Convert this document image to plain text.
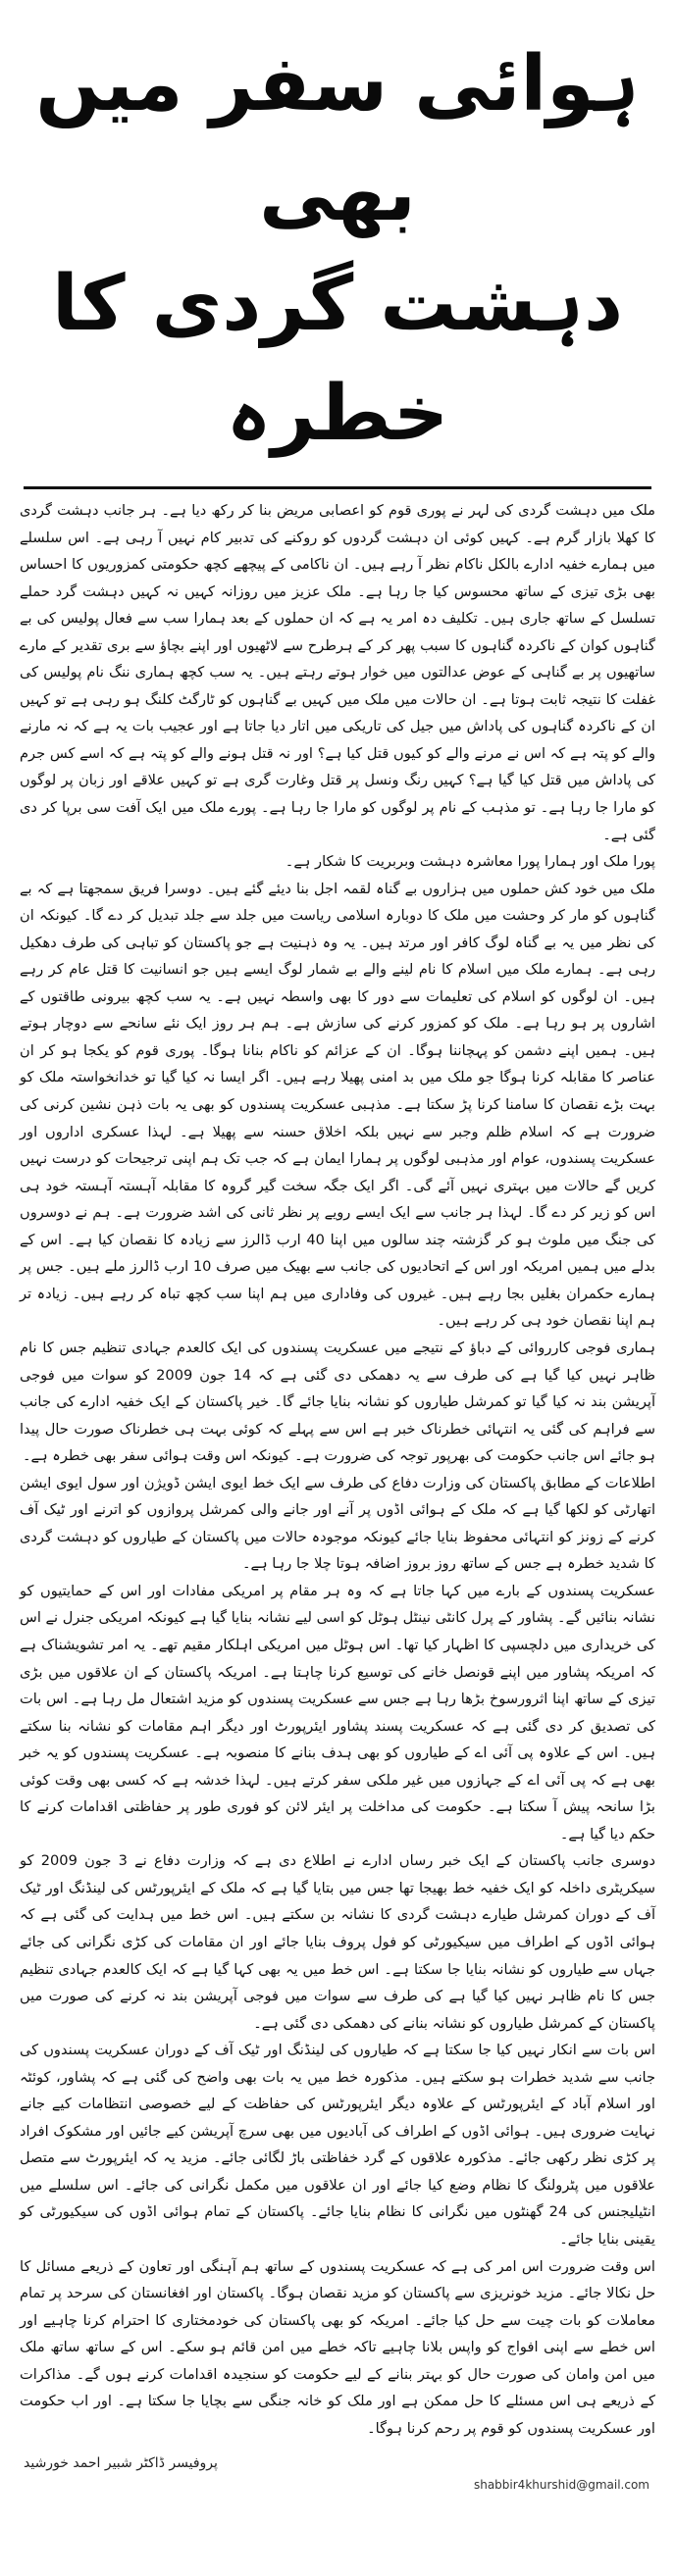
ہوائی سفر میں بھی
دہشت گردی کا خطرہ

ملک میں دہشت گردی کی لہر نے پوری قوم کو اعصابی مریض بنا کر رکھ دیا ہے۔ ہر جانب دہشت گردی کا کھلا بازار گرم ہے۔ کہیں کوئی ان دہشت گردوں کو روکنے کی تدبیر کام نہیں آ رہی ہے۔ اس سلسلے میں ہمارے خفیہ ادارے بالکل ناکام نظر آ رہے ہیں۔ ان ناکامی کے پیچھے کچھ حکومتی کمزوریوں کا احساس بھی بڑی تیزی کے ساتھ محسوس کیا جا رہا ہے۔ ملک عزیز میں روزانہ کہیں نہ کہیں دہشت گرد حملے تسلسل کے ساتھ جاری ہیں۔ تکلیف دہ امر یہ ہے کہ ان حملوں کے بعد ہمارا سب سے فعال پولیس کی بے گناہوں کوان کے ناکردہ گناہوں کا سبب پھر کر کے ہرطرح سے لاٹھیوں اور اپنے بچاؤ سے بری تقدیر کے مارے ساتھیوں پر بے گناہی کے عوض عدالتوں میں خوار ہوتے رہتے ہیں۔ یہ سب کچھ ہماری ننگ نام پولیس کی غفلت کا نتیجہ ثابت ہوتا ہے۔ ان حالات میں ملک میں کہیں بے گناہوں کو ٹارگٹ کلنگ ہو رہی ہے تو کہیں ان کے ناکردہ گناہوں کی پاداش میں جیل کی تاریکی میں اتار دیا جاتا ہے اور عجیب بات یہ ہے کہ نہ مارنے والے کو پتہ ہے کہ اس نے مرنے والے کو کیوں قتل کیا ہے؟ اور نہ قتل ہونے والے کو پتہ ہے کہ اسے کس جرم کی پاداش میں قتل کیا گیا ہے؟ کہیں رنگ ونسل پر قتل وغارت گری ہے تو کہیں علاقے اور زبان پر لوگوں کو مارا جا رہا ہے۔ تو مذہب کے نام پر لوگوں کو مارا جا رہا ہے۔ پورے ملک میں ایک آفت سی برپا کر دی گئی ہے۔

پورا ملک اور ہمارا پورا معاشرہ دہشت وبربریت کا شکار ہے۔

ملک میں خود کش حملوں میں ہزاروں بے گناہ لقمہ اجل بنا دیئے گئے ہیں۔ دوسرا فریق سمجھتا ہے کہ بے گناہوں کو مار کر وحشت میں ملک کا دوبارہ اسلامی ریاست میں جلد سے جلد تبدیل کر دے گا۔ کیونکہ ان کی نظر میں یہ بے گناہ لوگ کافر اور مرتد ہیں۔ یہ وہ ذہنیت ہے جو پاکستان کو تباہی کی طرف دھکیل رہی ہے۔ ہمارے ملک میں اسلام کا نام لینے والے بے شمار لوگ ایسے ہیں جو انسانیت کا قتل عام کر رہے ہیں۔ ان لوگوں کو اسلام کی تعلیمات سے دور کا بھی واسطہ نہیں ہے۔ یہ سب کچھ بیرونی طاقتوں کے اشاروں پر ہو رہا ہے۔ ملک کو کمزور کرنے کی سازش ہے۔ ہم ہر روز ایک نئے سانحے سے دوچار ہوتے ہیں۔ ہمیں اپنے دشمن کو پہچاننا ہوگا۔ ان کے عزائم کو ناکام بنانا ہوگا۔ پوری قوم کو یکجا ہو کر ان عناصر کا مقابلہ کرنا ہوگا جو ملک میں بد امنی پھیلا رہے ہیں۔ اگر ایسا نہ کیا گیا تو خدانخواستہ ملک کو بہت بڑے نقصان کا سامنا کرنا پڑ سکتا ہے۔ مذہبی عسکریت پسندوں کو بھی یہ بات ذہن نشین کرنی کی ضرورت ہے کہ اسلام ظلم وجبر سے نہیں بلکہ اخلاق حسنہ سے پھیلا ہے۔ لہذا عسکری اداروں اور عسکریت پسندوں، عوام اور مذہبی لوگوں پر ہمارا ایمان ہے کہ جب تک ہم اپنی ترجیحات کو درست نہیں کریں گے حالات میں بہتری نہیں آئے گی۔ اگر ایک جگہ سخت گیر گروہ کا مقابلہ آہستہ آہستہ خود ہی اس کو زیر کر دے گا۔ لہذا ہر جانب سے ایک ایسے رویے پر نظر ثانی کی اشد ضرورت ہے۔ ہم نے دوسروں کی جنگ میں ملوث ہو کر گزشتہ چند سالوں میں اپنا 40 ارب ڈالرز سے زیادہ کا نقصان کیا ہے۔ اس کے بدلے میں ہمیں امریکہ اور اس کے اتحادیوں کی جانب سے بھیک میں صرف 10 ارب ڈالرز ملے ہیں۔ جس پر ہمارے حکمران بغلیں بجا رہے ہیں۔ غیروں کی وفاداری میں ہم اپنا سب کچھ تباہ کر رہے ہیں۔ زیادہ تر ہم اپنا نقصان خود ہی کر رہے ہیں۔

ہماری فوجی کارروائی کے دباؤ کے نتیجے میں عسکریت پسندوں کی ایک کالعدم جہادی تنظیم جس کا نام ظاہر نہیں کیا گیا ہے کی طرف سے یہ دھمکی دی گئی ہے کہ 14 جون 2009 کو سوات میں فوجی آپریشن بند نہ کیا گیا تو کمرشل طیاروں کو نشانہ بنایا جائے گا۔ خیر پاکستان کے ایک خفیہ ادارے کی جانب سے فراہم کی گئی یہ انتہائی خطرناک خبر ہے اس سے پہلے کہ کوئی بہت ہی خطرناک صورت حال پیدا ہو جائے اس جانب حکومت کی بھرپور توجہ کی ضرورت ہے۔ کیونکہ اس وقت ہوائی سفر بھی خطرہ ہے۔

اطلاعات کے مطابق پاکستان کی وزارت دفاع کی طرف سے ایک خط ایوی ایشن ڈویژن اور سول ایوی ایشن اتھارٹی کو لکھا گیا ہے کہ ملک کے ہوائی اڈوں پر آنے اور جانے والی کمرشل پروازوں کو اترنے اور ٹیک آف کرنے کے زونز کو انتہائی محفوظ بنایا جائے کیونکہ موجودہ حالات میں پاکستان کے طیاروں کو دہشت گردی کا شدید خطرہ ہے جس کے ساتھ روز بروز اضافہ ہوتا چلا جا رہا ہے۔

عسکریت پسندوں کے بارے میں کہا جاتا ہے کہ وہ ہر مقام پر امریکی مفادات اور اس کے حمایتیوں کو نشانہ بنائیں گے۔ پشاور کے پرل کانٹی نینٹل ہوٹل کو اسی لیے نشانہ بنایا گیا ہے کیونکہ امریکی جنرل نے اس کی خریداری میں دلچسپی کا اظہار کیا تھا۔ اس ہوٹل میں امریکی اہلکار مقیم تھے۔ یہ امر تشویشناک ہے کہ امریکہ پشاور میں اپنے قونصل خانے کی توسیع کرنا چاہتا ہے۔ امریکہ پاکستان کے ان علاقوں میں بڑی تیزی کے ساتھ اپنا اثرورسوخ بڑھا رہا ہے جس سے عسکریت پسندوں کو مزید اشتعال مل رہا ہے۔ اس بات کی تصدیق کر دی گئی ہے کہ عسکریت پسند پشاور ایئرپورٹ اور دیگر اہم مقامات کو نشانہ بنا سکتے ہیں۔ اس کے علاوہ پی آئی اے کے طیاروں کو بھی ہدف بنانے کا منصوبہ ہے۔ عسکریت پسندوں کو یہ خبر بھی ہے کہ پی آئی اے کے جہازوں میں غیر ملکی سفر کرتے ہیں۔ لہذا خدشہ ہے کہ کسی بھی وقت کوئی بڑا سانحہ پیش آ سکتا ہے۔ حکومت کی مداخلت پر ایئر لائن کو فوری طور پر حفاظتی اقدامات کرنے کا حکم دیا گیا ہے۔

دوسری جانب پاکستان کے ایک خبر رساں ادارے نے اطلاع دی ہے کہ وزارت دفاع نے 3 جون 2009 کو سیکریٹری داخلہ کو ایک خفیہ خط بھیجا تھا جس میں بتایا گیا ہے کہ ملک کے ایئرپورٹس کی لینڈنگ اور ٹیک آف کے دوران کمرشل طیارے دہشت گردی کا نشانہ بن سکتے ہیں۔ اس خط میں ہدایت کی گئی ہے کہ ہوائی اڈوں کے اطراف میں سیکیورٹی کو فول پروف بنایا جائے اور ان مقامات کی کڑی نگرانی کی جائے جہاں سے طیاروں کو نشانہ بنایا جا سکتا ہے۔ اس خط میں یہ بھی کہا گیا ہے کہ ایک کالعدم جہادی تنظیم جس کا نام ظاہر نہیں کیا گیا ہے کی طرف سے سوات میں فوجی آپریشن بند نہ کرنے کی صورت میں پاکستان کے کمرشل طیاروں کو نشانہ بنانے کی دھمکی دی گئی ہے۔

اس بات سے انکار نہیں کیا جا سکتا ہے کہ طیاروں کی لینڈنگ اور ٹیک آف کے دوران عسکریت پسندوں کی جانب سے شدید خطرات ہو سکتے ہیں۔ مذکورہ خط میں یہ بات بھی واضح کی گئی ہے کہ پشاور، کوئٹہ اور اسلام آباد کے ایئرپورٹس کے علاوہ دیگر ایئرپورٹس کی حفاظت کے لیے خصوصی انتظامات کیے جانے نہایت ضروری ہیں۔ ہوائی اڈوں کے اطراف کی آبادیوں میں بھی سرچ آپریشن کیے جائیں اور مشکوک افراد پر کڑی نظر رکھی جائے۔ مذکورہ علاقوں کے گرد خفاظتی باڑ لگائی جائے۔ مزید یہ کہ ایئرپورٹ سے متصل علاقوں میں پٹرولنگ کا نظام وضع کیا جائے اور ان علاقوں میں مکمل نگرانی کی جائے۔ اس سلسلے میں انٹیلیجنس کی 24 گھنٹوں میں نگرانی کا نظام بنایا جائے۔ پاکستان کے تمام ہوائی اڈوں کی سیکیورٹی کو یقینی بنایا جائے۔

اس وقت ضرورت اس امر کی ہے کہ عسکریت پسندوں کے ساتھ ہم آہنگی اور تعاون کے ذریعے مسائل کا حل نکالا جائے۔ مزید خونریزی سے پاکستان کو مزید نقصان ہوگا۔ پاکستان اور افغانستان کی سرحد پر تمام معاملات کو بات چیت سے حل کیا جائے۔ امریکہ کو بھی پاکستان کی خودمختاری کا احترام کرنا چاہیے اور اس خطے سے اپنی افواج کو واپس بلانا چاہیے تاکہ خطے میں امن قائم ہو سکے۔ اس کے ساتھ ساتھ ملک میں امن وامان کی صورت حال کو بہتر بنانے کے لیے حکومت کو سنجیدہ اقدامات کرنے ہوں گے۔ مذاکرات کے ذریعے ہی اس مسئلے کا حل ممکن ہے اور ملک کو خانہ جنگی سے بچایا جا سکتا ہے۔ اور اب حکومت اور عسکریت پسندوں کو قوم پر رحم کرنا ہوگا۔

پروفیسر ڈاکٹر شبیر احمد خورشید
shabbir4khurshid@gmail.com
